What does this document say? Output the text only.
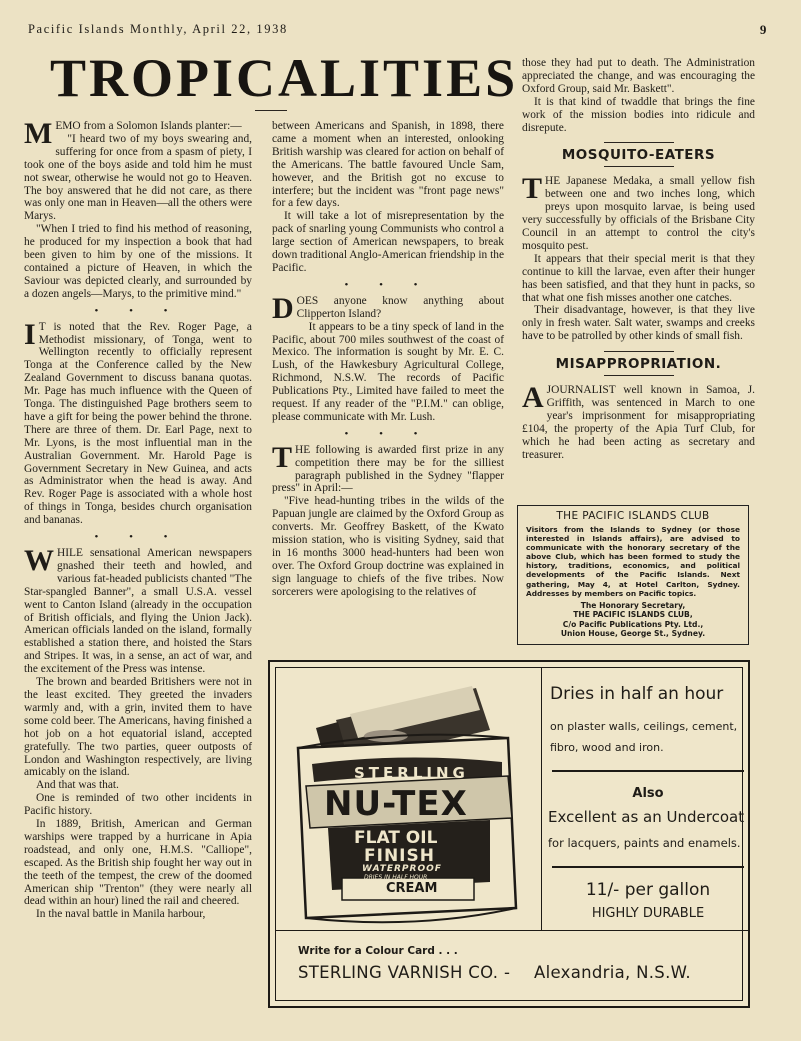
Pacific Islands Monthly, April 22, 1938	9
TROPICALITIES

MEMO from a Solomon Islands planter:—

"I heard two of my boys swearing and, suffering for once from a spasm of piety, I took one of the boys aside and told him he must not swear, otherwise he would not go to Heaven. The boy answered that he did not care, as there was only one man in Heaven—all the others were Marys.

"When I tried to find his method of reasoning, he produced for my inspection a book that had been given to him by one of the missions. It contained a picture of Heaven, in which the Saviour was depicted clearly, and surrounded by a dozen angels—Marys, to the primitive mind."

• • •

I T is noted that the Rev. Roger Page, a Methodist missionary, of Tonga, went to Wellington recently to officially represent Tonga at the Conference called by the New Zealand Government to discuss banana quotas. Mr. Page has much influence with the Queen of Tonga. The distinguished Page brothers seem to have a gift for being the power behind the throne. There are three of them. Dr. Earl Page, next to Mr. Lyons, is the most influential man in the Australian Government. Mr. Harold Page is Government Secretary in New Guinea, and acts as Administrator when the head is away. And Rev. Roger Page is associated with a whole host of things in Tonga, besides church organisation and bananas.

• • •

WHILE sensational American newspapers gnashed their teeth and howled, and various fat-headed publicists chanted "The Star-spangled Banner", a small U.S.A. vessel went to Canton Island (already in the occupation of British officials, and flying the Union Jack). American officials landed on the island, formally established a station there, and hoisted the Stars and Stripes. It was, in a sense, an act of war, and the excitement of the Press was intense.

The brown and bearded Britishers were not in the least excited. They greeted the invaders warmly and, with a grin, invited them to have some cold beer. The Americans, having finished a hot job on a hot equatorial island, accepted gratefully. The two parties, queer outposts of London and Washington respectively, are living amicably on the island.

And that was that.

One is reminded of two other incidents in Pacific history.

In 1889, British, American and German warships were trapped by a hurricane in Apia roadstead, and only one, H.M.S. "Calliope", escaped. As the British ship fought her way out in the teeth of the tempest, the crew of the doomed American ship "Trenton" (they were nearly all dead within an hour) lined the rail and cheered.

In the naval battle in Manila harbour,

between Americans and Spanish, in 1898, there came a moment when an interested, onlooking British warship was cleared for action on behalf of the Americans. The battle favoured Uncle Sam, however, and the British got no excuse to interfere; but the incident was "front page news" for a few days.

It will take a lot of misrepresentation by the pack of snarling young Communists who control a large section of American newspapers, to break down traditional Anglo-American friendship in the Pacific.

• • •

DOES anyone know anything about Clipperton Island?

It appears to be a tiny speck of land in the Pacific, about 700 miles southwest of the coast of Mexico. The information is sought by Mr. E. C. Lush, of the Hawkesbury Agricultural College, Richmond, N.S.W. The records of Pacific Publications Pty., Limited have failed to meet the request. If any reader of the "P.I.M." can oblige, please communicate with Mr. Lush.

• • •

THE following is awarded first prize in any competition there may be for the silliest paragraph published in the Sydney "flapper press" in April:—

"Five head-hunting tribes in the wilds of the Papuan jungle are claimed by the Oxford Group as converts. Mr. Geoffrey Baskett, of the Kwato mission station, who is visiting Sydney, said that in 16 months 3000 head-hunters had been won over. The Oxford Group doctrine was explained in sign language to chiefs of the five tribes. Now sorcerers were apologising to the relatives of

those they had put to death. The Administration appreciated the change, and was encouraging the Oxford Group, said Mr. Baskett".

It is that kind of twaddle that brings the fine work of the mission bodies into ridicule and disrepute.

MOSQUITO-EATERS

THE Japanese Medaka, a small yellow fish between one and two inches long, which preys upon mosquito larvae, is being used very successfully by officials of the Brisbane City Council in an attempt to control the city's mosquito pest.

It appears that their special merit is that they continue to kill the larvae, even after their hunger has been satisfied, and that they hunt in packs, so that what one fish misses another one catches.

Their disadvantage, however, is that they live only in fresh water. Salt water, swamps and creeks have to be patrolled by other kinds of small fish.

MISAPPROPRIATION.

AJOURNALIST well known in Samoa, J. Griffith, was sentenced in March to one year's imprisonment for misappropriating £104, the property of the Apia Turf Club, for which he had been acting as secretary and treasurer.

THE PACIFIC ISLANDS CLUB
Visitors from the Islands to Sydney (or those interested in Islands affairs), are advised to communicate with the honorary secretary of the above Club, which has been formed to study the history, traditions, economics, and political developments of the Pacific Islands. Next gathering, May 4, at Hotel Carlton, Sydney. Addresses by members on Pacific topics.
The Honorary Secretary,
THE PACIFIC ISLANDS CLUB,
C/o Pacific Publications Pty. Ltd.,
Union House, George St., Sydney.
STERLING
NU-TEX
FLAT OIL
FINISH
WATERPROOF
DRIES IN HALF HOUR
CREAM
Dries in half an hour
on plaster walls, ceilings, cement, fibro, wood and iron.
Also
Excellent as an Undercoat
for lacquers, paints and enamels.
11/- per gallon
HIGHLY DURABLE
Write for a Colour Card . . .
STERLING VARNISH CO. - Alexandria, N.S.W.
